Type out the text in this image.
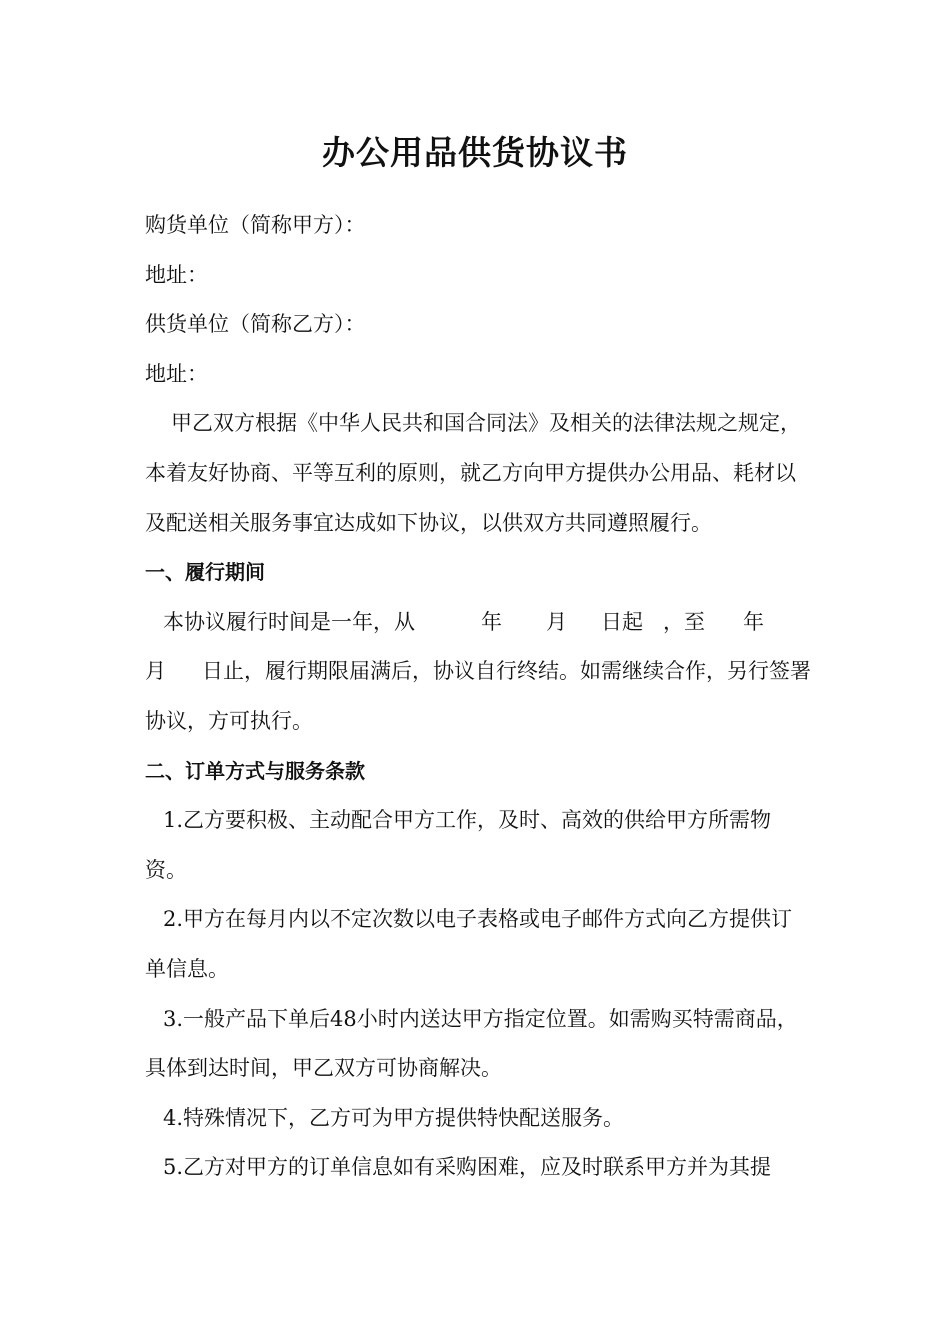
办公用品供货协议书

购货单位（简称甲方）：

地址：

供货单位（简称乙方）：

地址：

甲乙双方根据《中华人民共和国合同法》及相关的法律法规之规定，本着友好协商、平等互利的原则，就乙方向甲方提供办公用品、耗材以及配送相关服务事宜达成如下协议，以供双方共同遵照履行。

一、履行期间

本协议履行时间是一年，从	年 月 日起 ，至 年
月 日止，履行期限届满后，协议自行终结。如需继续合作，另行签署协议，方可执行。

二、订单方式与服务条款

1.乙方要积极、主动配合甲方工作，及时、高效的供给甲方所需物资。

2.甲方在每月内以不定次数以电子表格或电子邮件方式向乙方提供订单信息。

3.一般产品下单后48小时内送达甲方指定位置。如需购买特需商品，具体到达时间，甲乙双方可协商解决。

4.特殊情况下，乙方可为甲方提供特快配送服务。

5.乙方对甲方的订单信息如有采购困难，应及时联系甲方并为其提
